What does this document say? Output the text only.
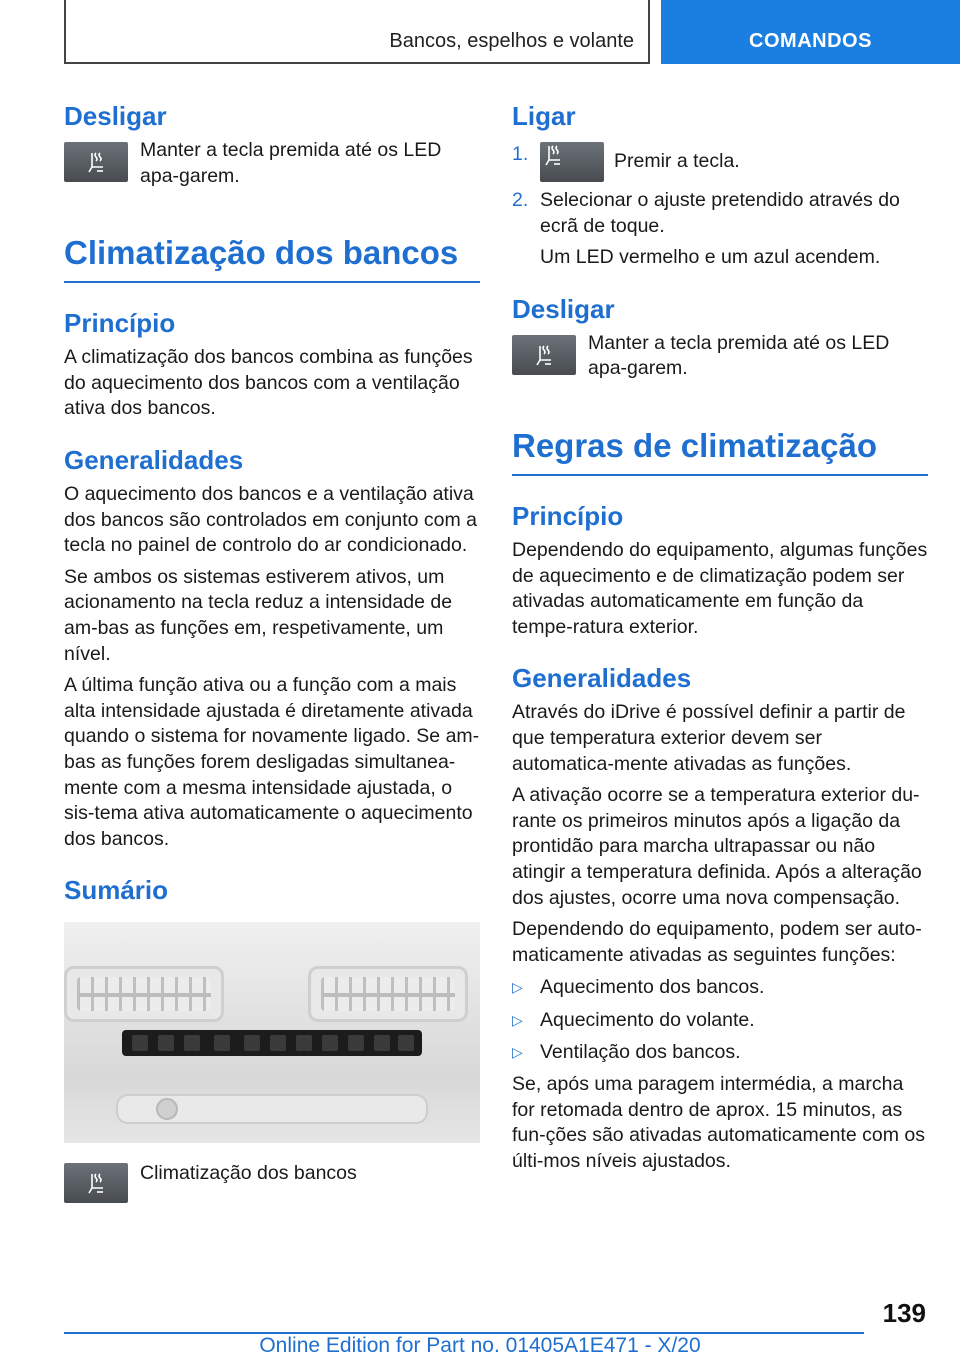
Bancos, espelhos e volante	COMANDOS
Desligar
Manter a tecla premida até os LED apa-garem.
Climatização dos bancos
Princípio

A climatização dos bancos combina as funções do aquecimento dos bancos com a ventilação ativa dos bancos.

Generalidades

O aquecimento dos bancos e a ventilação ativa dos bancos são controlados em conjunto com a tecla no painel de controlo do ar condicionado.

Se ambos os sistemas estiverem ativos, um acionamento na tecla reduz a intensidade de am-bas as funções em, respetivamente, um nível.

A última função ativa ou a função com a mais alta intensidade ajustada é diretamente ativada quando o sistema for novamente ligado. Se am-bas as funções forem desligadas simultanea-mente com a mesma intensidade ajustada, o sis-tema ativa automaticamente o aquecimento dos bancos.

Sumário
Climatização dos bancos
Ligar
1.	Premir a tecla.
2. Selecionar o ajuste pretendido através do ecrã de toque.

Um LED vermelho e um azul acendem.

Desligar
Manter a tecla premida até os LED apa-garem.
Regras de climatização
Princípio

Dependendo do equipamento, algumas funções de aquecimento e de climatização podem ser ativadas automaticamente em função da tempe-ratura exterior.

Generalidades

Através do iDrive é possível definir a partir de que temperatura exterior devem ser automatica-mente ativadas as funções.

A ativação ocorre se a temperatura exterior du-rante os primeiros minutos após a ligação da prontidão para marcha ultrapassar ou não atingir a temperatura definida. Após a alteração dos ajustes, ocorre uma nova compensação.

Dependendo do equipamento, podem ser auto-maticamente ativadas as seguintes funções:

▷ Aquecimento dos bancos.
▷ Aquecimento do volante.
▷ Ventilação dos bancos.

Se, após uma paragem intermédia, a marcha for retomada dentro de aprox. 15 minutos, as fun-ções são ativadas automaticamente com os últi-mos níveis ajustados.

139
Online Edition for Part no. 01405A1E471 - X/20
